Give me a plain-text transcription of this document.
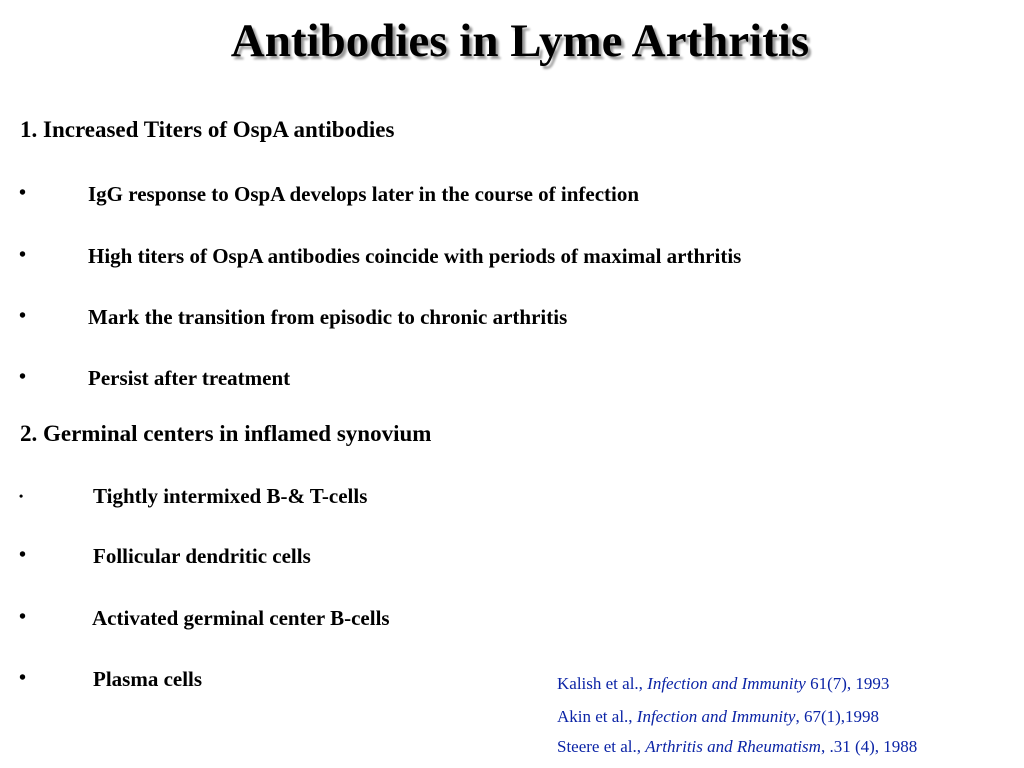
Antibodies in Lyme Arthritis
1. Increased Titers of OspA antibodies
•	IgG response to OspA develops later in the course of infection
•	High titers of OspA antibodies coincide with periods of maximal arthritis
•	Mark the transition from episodic to chronic arthritis
•	Persist after treatment
2. Germinal centers in inflamed synovium
•	Tightly intermixed B-& T-cells
•	Follicular dendritic cells
•	Activated germinal center B-cells
•	Plasma cells	Kalish et al., Infection and Immunity 61(7), 1993
Akin et al., Infection and Immunity, 67(1),1998
Steere et al., Arthritis and Rheumatism, .31 (4), 1988
